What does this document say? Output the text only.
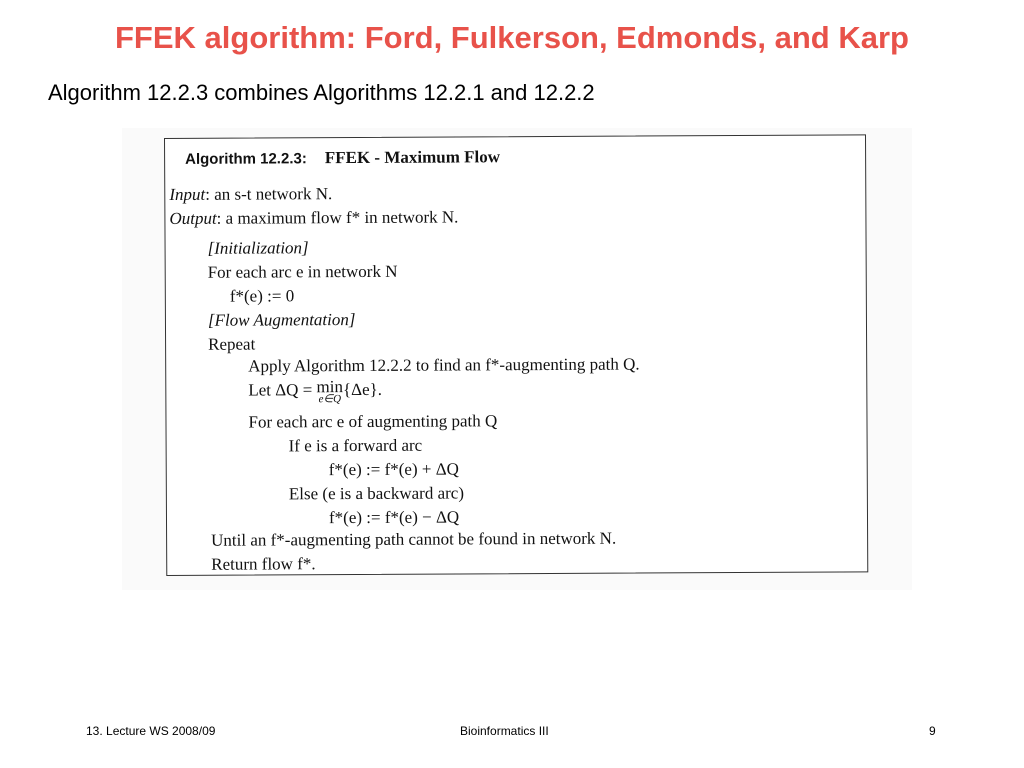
FFEK algorithm: Ford, Fulkerson, Edmonds, and Karp
Algorithm 12.2.3 combines Algorithms 12.2.1 and 12.2.2
Algorithm 12.2.3: FFEK - Maximum Flow
Input: an s-t network N.
Output: a maximum flow f* in network N.
[Initialization]
For each arc e in network N
f*(e) := 0
[Flow Augmentation]
Repeat
Apply Algorithm 12.2.2 to find an f*-augmenting path Q.
Let ΔQ = min
e∈Q
{Δe}.
For each arc e of augmenting path Q
If e is a forward arc
f*(e) := f*(e) + ΔQ
Else (e is a backward arc)
f*(e) := f*(e) − ΔQ
Until an f*-augmenting path cannot be found in network N.
Return flow f*.
13. Lecture WS 2008/09	Bioinformatics III	9
